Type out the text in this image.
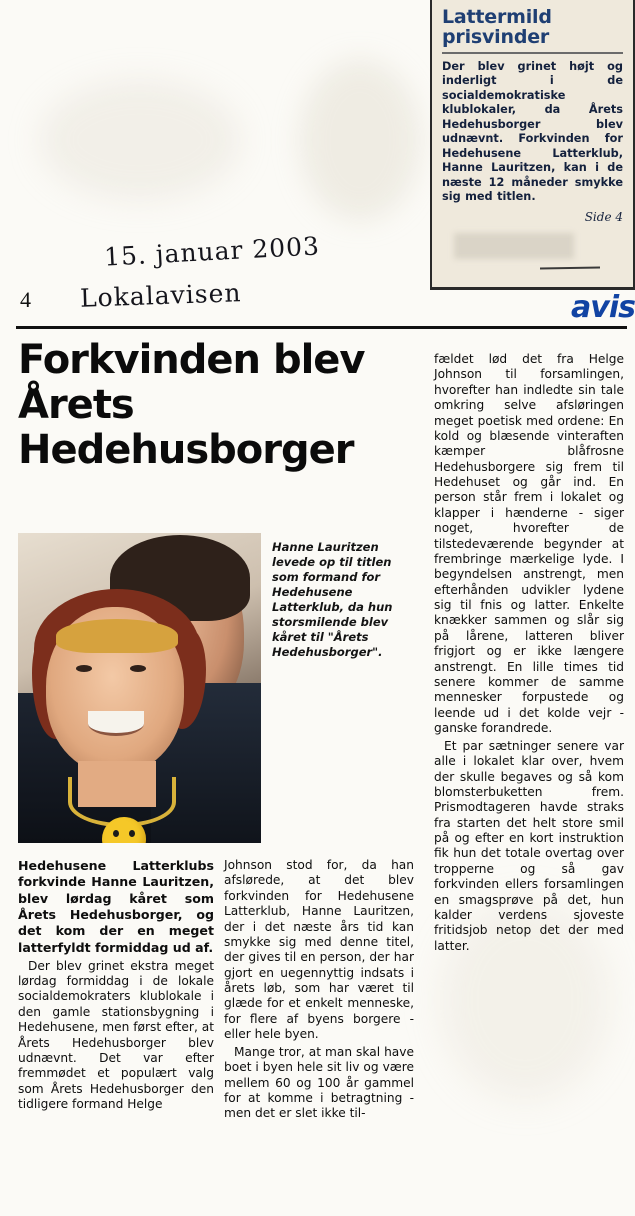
Lattermild prisvinder
Der blev grinet højt og inderligt i de socialdemokratiske klublokaler, da Årets Hedehusborger blev udnævnt. Forkvinden for Hedehusene Latterklub, Hanne Lauritzen, kan i de næste 12 måneder smykke sig med titlen.
Side 4
15. januar 2003
Lokalavisen
4	avis
Forkvinden blev Årets Hedehusborger
Hanne Lauritzen levede op til titlen som formand for Hedehusene Latterklub, da hun storsmilende blev kåret til "Årets Hedehusborger".

Hedehusene Latterklubs forkvinde Hanne Lauritzen, blev lørdag kåret som Årets Hedehusborger, og det kom der en meget latterfyldt formiddag ud af.

Der blev grinet ekstra meget lørdag formiddag i de lokale socialdemokraters klublokale i den gamle stationsbygning i Hedehusene, men først efter, at Årets Hedehusborger blev udnævnt. Det var efter fremmødet et populært valg som Årets Hedehusborger den tidligere formand Helge

Johnson stod for, da han afslørede, at det blev forkvinden for Hedehusene Latterklub, Hanne Lauritzen, der i det næste års tid kan smykke sig med denne titel, der gives til en person, der har gjort en uegennyttig indsats i årets løb, som har været til glæde for et enkelt menneske, for flere af byens borgere - eller hele byen.

Mange tror, at man skal have boet i byen hele sit liv og være mellem 60 og 100 år gammel for at komme i betragtning - men det er slet ikke til-

fældet lød det fra Helge Johnson til forsamlingen, hvorefter han indledte sin tale omkring selve afsløringen meget poetisk med ordene: En kold og blæsende vinteraften kæmper blåfrosne Hedehusborgere sig frem til Hedehuset og går ind. En person står frem i lokalet og klapper i hænderne - siger noget, hvorefter de tilstedeværende begynder at frembringe mærkelige lyde. I begyndelsen anstrengt, men efterhånden udvikler lydene sig til fnis og latter. Enkelte knækker sammen og slår sig på lårene, latteren bliver frigjort og er ikke længere anstrengt. En lille times tid senere kommer de samme mennesker forpustede og leende ud i det kolde vejr - ganske forandrede.

Et par sætninger senere var alle i lokalet klar over, hvem der skulle begaves og så kom blomsterbuketten frem. Prismodtageren havde straks fra starten det helt store smil på og efter en kort instruktion fik hun det totale overtag over tropperne og så gav forkvinden ellers forsamlingen en smagsprøve på det, hun kalder verdens sjoveste fritidsjob netop det der med latter.
